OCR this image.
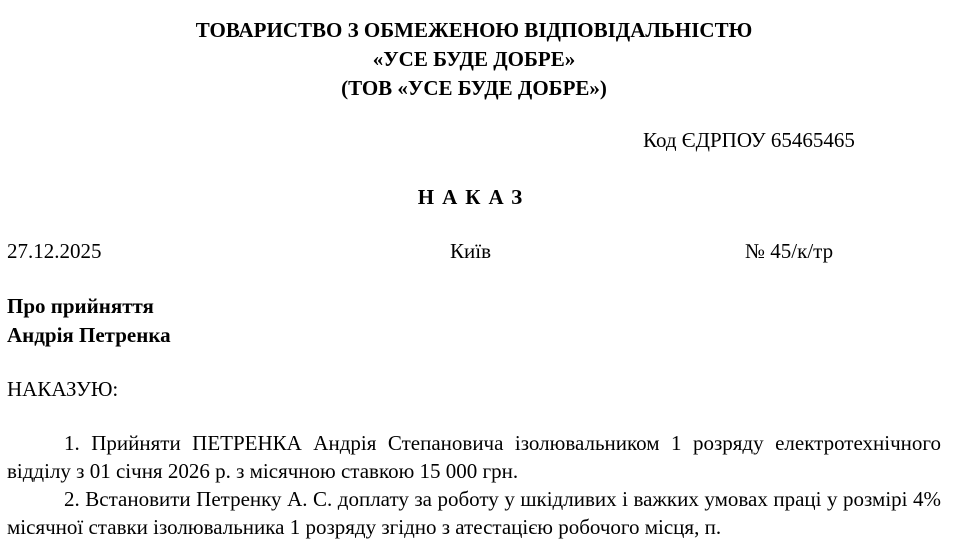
ТОВАРИСТВО З ОБМЕЖЕНОЮ ВІДПОВІДАЛЬНІСТЮ
«УСЕ БУДЕ ДОБРЕ»
(ТОВ «УСЕ БУДЕ ДОБРЕ»)
Код ЄДРПОУ 65465465
НАКАЗ
27.12.2025	Київ	№ 45/к/тр
Про прийняття
Андрія Петренка
НАКАЗУЮ:

1. Прийняти ПЕТРЕНКА Андрія Степановича ізолювальником 1 розряду електротехнічного відділу з 01 січня 2026 р. з місячною ставкою 15 000 грн.

2. Встановити Петренку А. С. доплату за роботу у шкідливих і важких умовах праці у розмірі 4% місячної ставки ізолювальника 1 розряду згідно з атестацією робочого місця, п.
